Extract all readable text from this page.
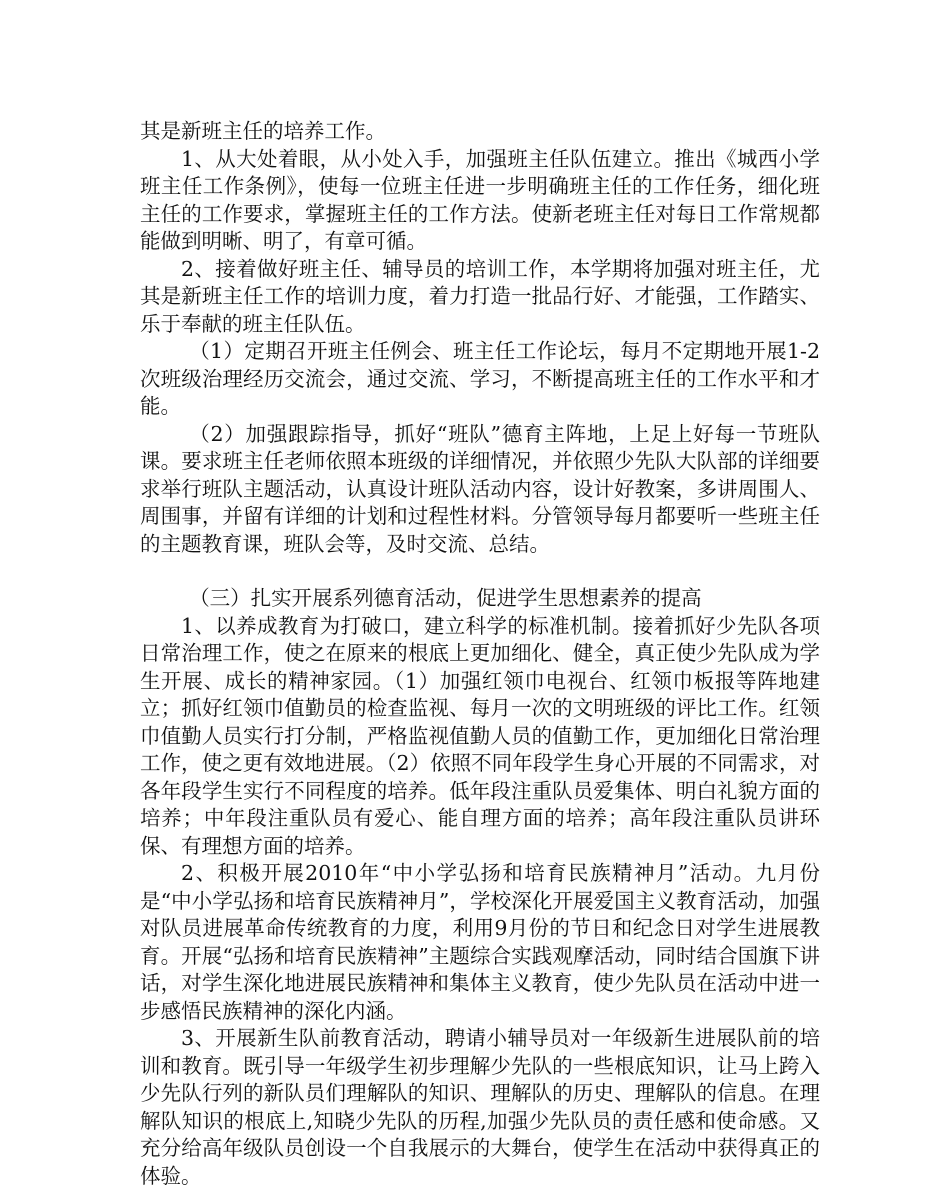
其是新班主任的培养工作。

1、从大处着眼，从小处入手，加强班主任队伍建立。推出《城西小学班主任工作条例》，使每一位班主任进一步明确班主任的工作任务，细化班主任的工作要求，掌握班主任的工作方法。使新老班主任对每日工作常规都能做到明晰、明了，有章可循。

2、接着做好班主任、辅导员的培训工作，本学期将加强对班主任，尤其是新班主任工作的培训力度，着力打造一批品行好、才能强，工作踏实、乐于奉献的班主任队伍。

（1）定期召开班主任例会、班主任工作论坛，每月不定期地开展1-2次班级治理经历交流会，通过交流、学习，不断提高班主任的工作水平和才能。

（2）加强跟踪指导，抓好“班队”德育主阵地，上足上好每一节班队课。要求班主任老师依照本班级的详细情况，并依照少先队大队部的详细要求举行班队主题活动，认真设计班队活动内容，设计好教案，多讲周围人、周围事，并留有详细的计划和过程性材料。分管领导每月都要听一些班主任的主题教育课，班队会等，及时交流、总结。

（三）扎实开展系列德育活动，促进学生思想素养的提高

1、以养成教育为打破口，建立科学的标准机制。接着抓好少先队各项日常治理工作，使之在原来的根底上更加细化、健全，真正使少先队成为学生开展、成长的精神家园。（1）加强红领巾电视台、红领巾板报等阵地建立；抓好红领巾值勤员的检查监视、每月一次的文明班级的评比工作。红领巾值勤人员实行打分制，严格监视值勤人员的值勤工作，更加细化日常治理工作，使之更有效地进展。（2）依照不同年段学生身心开展的不同需求，对各年段学生实行不同程度的培养。低年段注重队员爱集体、明白礼貌方面的培养；中年段注重队员有爱心、能自理方面的培养；高年段注重队员讲环保、有理想方面的培养。

2、积极开展2010年“中小学弘扬和培育民族精神月”活动。九月份是“中小学弘扬和培育民族精神月”，学校深化开展爱国主义教育活动，加强对队员进展革命传统教育的力度，利用9月份的节日和纪念日对学生进展教育。开展“弘扬和培育民族精神”主题综合实践观摩活动，同时结合国旗下讲话，对学生深化地进展民族精神和集体主义教育，使少先队员在活动中进一步感悟民族精神的深化内涵。

3、开展新生队前教育活动，聘请小辅导员对一年级新生进展队前的培训和教育。既引导一年级学生初步理解少先队的一些根底知识，让马上跨入少先队行列的新队员们理解队的知识、理解队的历史、理解队的信息。在理解队知识的根底上,知晓少先队的历程,加强少先队员的责任感和使命感。又充分给高年级队员创设一个自我展示的大舞台，使学生在活动中获得真正的体验。
